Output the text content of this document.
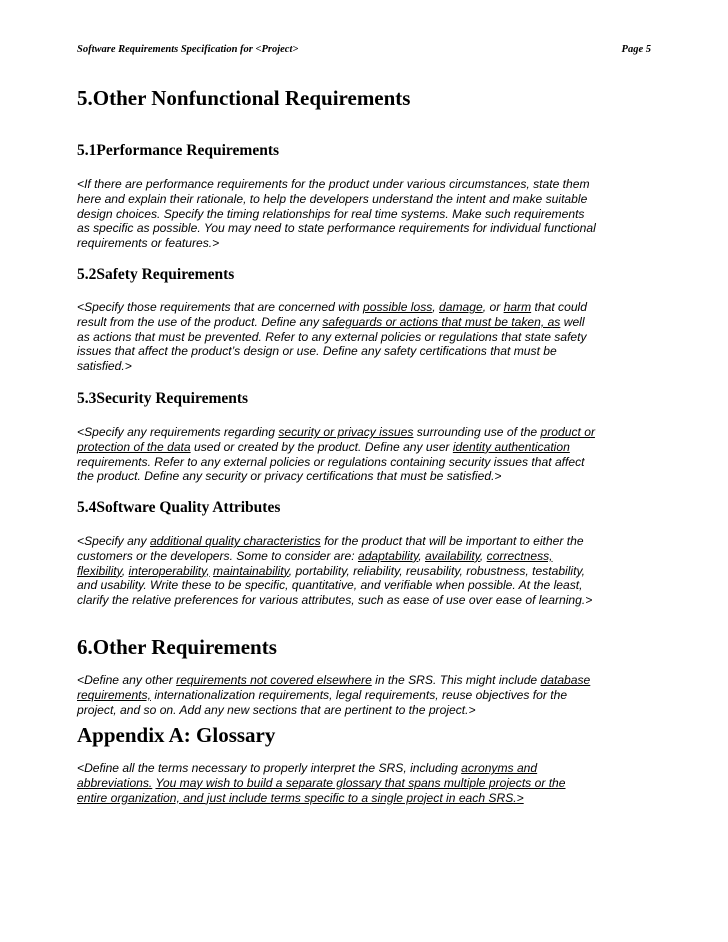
Software Requirements Specification for <Project>	Page 5
5.Other Nonfunctional Requirements
5.1Performance Requirements

<If there are performance requirements for the product under various circumstances, state them
here and explain their rationale, to help the developers understand the intent and make suitable
design choices. Specify the timing relationships for real time systems. Make such requirements
as specific as possible. You may need to state performance requirements for individual functional
requirements or features.>

5.2Safety Requirements

<Specify those requirements that are concerned with possible loss, damage, or harm that could
result from the use of the product. Define any safeguards or actions that must be taken, as well
as actions that must be prevented. Refer to any external policies or regulations that state safety
issues that affect the product’s design or use. Define any safety certifications that must be
satisfied.>

5.3Security Requirements

<Specify any requirements regarding security or privacy issues surrounding use of the product or
protection of the data used or created by the product. Define any user identity authentication
requirements. Refer to any external policies or regulations containing security issues that affect
the product. Define any security or privacy certifications that must be satisfied.>

5.4Software Quality Attributes

<Specify any additional quality characteristics for the product that will be important to either the
customers or the developers. Some to consider are: adaptability, availability, correctness,
flexibility, interoperability, maintainability, portability, reliability, reusability, robustness, testability,
and usability. Write these to be specific, quantitative, and verifiable when possible. At the least,
clarify the relative preferences for various attributes, such as ease of use over ease of learning.>

6.Other Requirements

<Define any other requirements not covered elsewhere in the SRS. This might include database
requirements, internationalization requirements, legal requirements, reuse objectives for the
project, and so on. Add any new sections that are pertinent to the project.>

Appendix A: Glossary

<Define all the terms necessary to properly interpret the SRS, including acronyms and
abbreviations. You may wish to build a separate glossary that spans multiple projects or the
entire organization, and just include terms specific to a single project in each SRS.>
